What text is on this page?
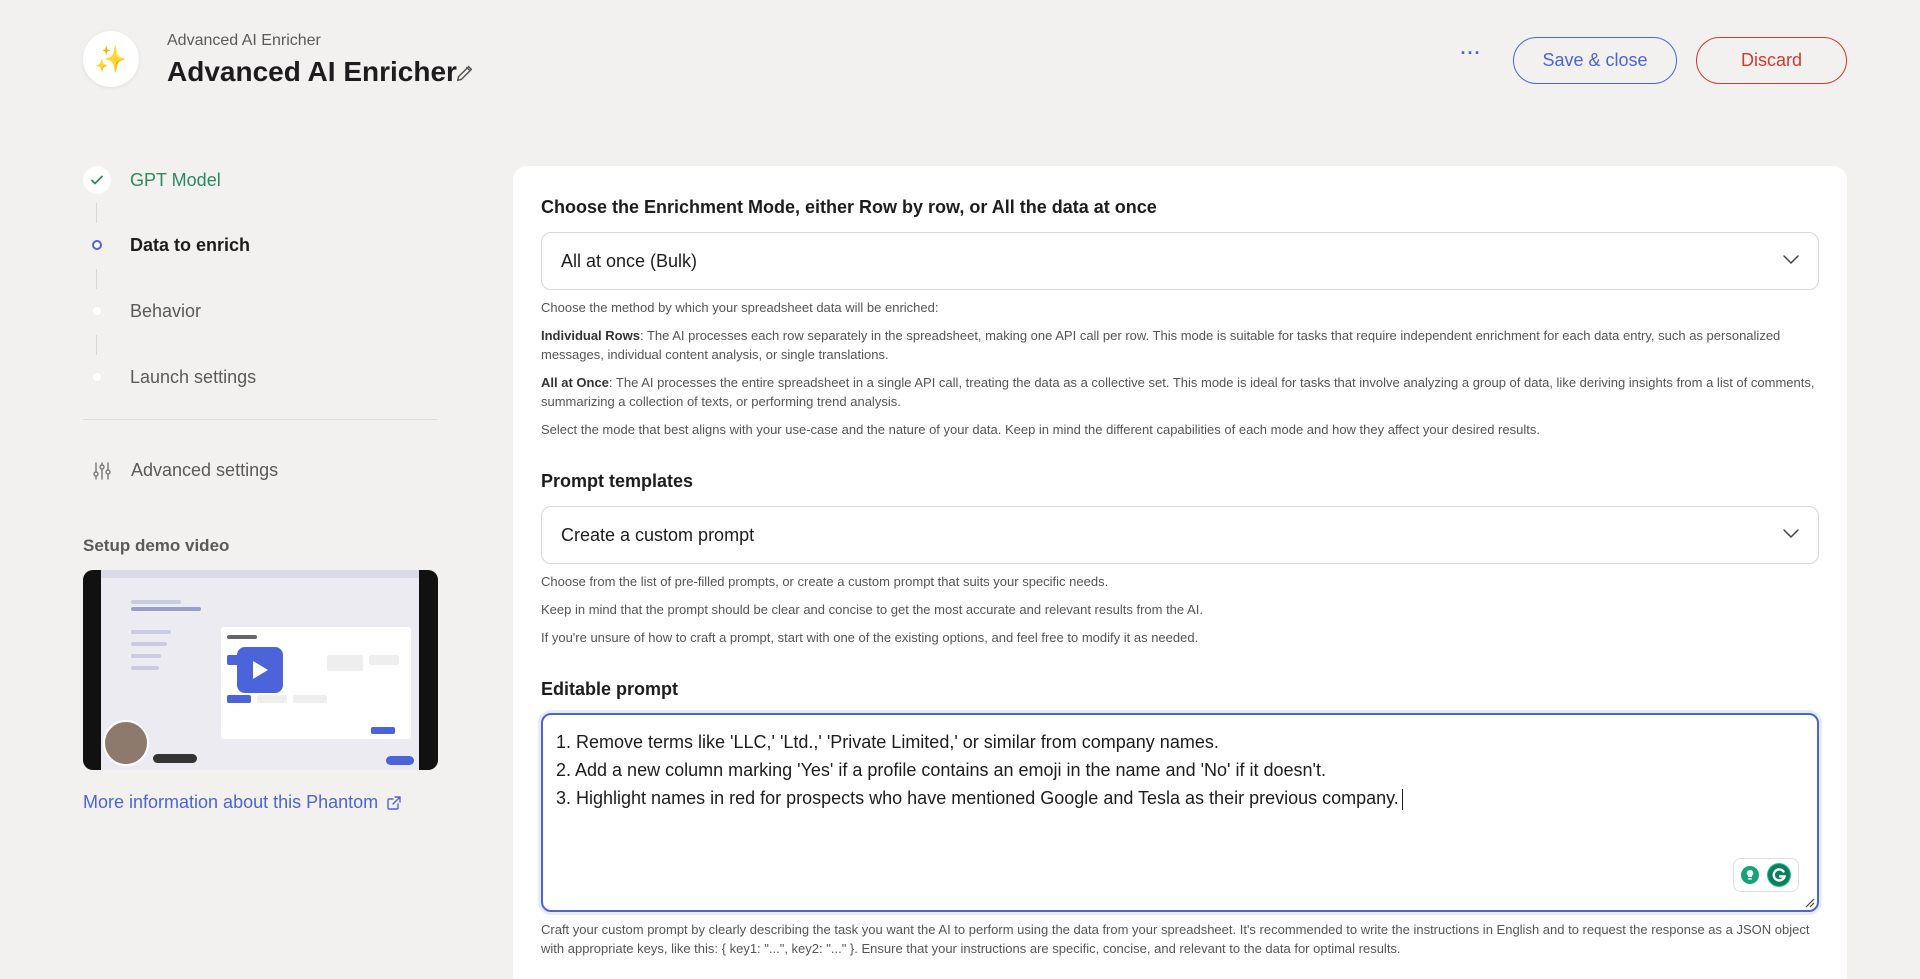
✨
Advanced AI Enricher
Advanced AI Enricher
···	Save & close	Discard
GPT Model
Data to enrich
Behavior
Launch settings
Advanced settings
Setup demo video
More information about this Phantom
Choose the Enrichment Mode, either Row by row, or All the data at once
All at once (Bulk)
Choose the method by which your spreadsheet data will be enriched:
Individual Rows: The AI processes each row separately in the spreadsheet, making one API call per row. This mode is suitable for tasks that require independent enrichment for each data entry, such as personalized messages, individual content analysis, or single translations.
All at Once: The AI processes the entire spreadsheet in a single API call, treating the data as a collective set. This mode is ideal for tasks that involve analyzing a group of data, like deriving insights from a list of comments, summarizing a collection of texts, or performing trend analysis.
Select the mode that best aligns with your use-case and the nature of your data. Keep in mind the different capabilities of each mode and how they affect your desired results.
Prompt templates
Create a custom prompt
Choose from the list of pre-filled prompts, or create a custom prompt that suits your specific needs.
Keep in mind that the prompt should be clear and concise to get the most accurate and relevant results from the AI.
If you're unsure of how to craft a prompt, start with one of the existing options, and feel free to modify it as needed.
Editable prompt
1. Remove terms like 'LLC,' 'Ltd.,' 'Private Limited,' or similar from company names.
2. Add a new column marking 'Yes' if a profile contains an emoji in the name and 'No' if it doesn't.
3. Highlight names in red for prospects who have mentioned Google and Tesla as their previous company.
Craft your custom prompt by clearly describing the task you want the AI to perform using the data from your spreadsheet. It's recommended to write the instructions in English and to request the response as a JSON object with appropriate keys, like this: { key1: "...", key2: "..." }. Ensure that your instructions are specific, concise, and relevant to the data for optimal results.
